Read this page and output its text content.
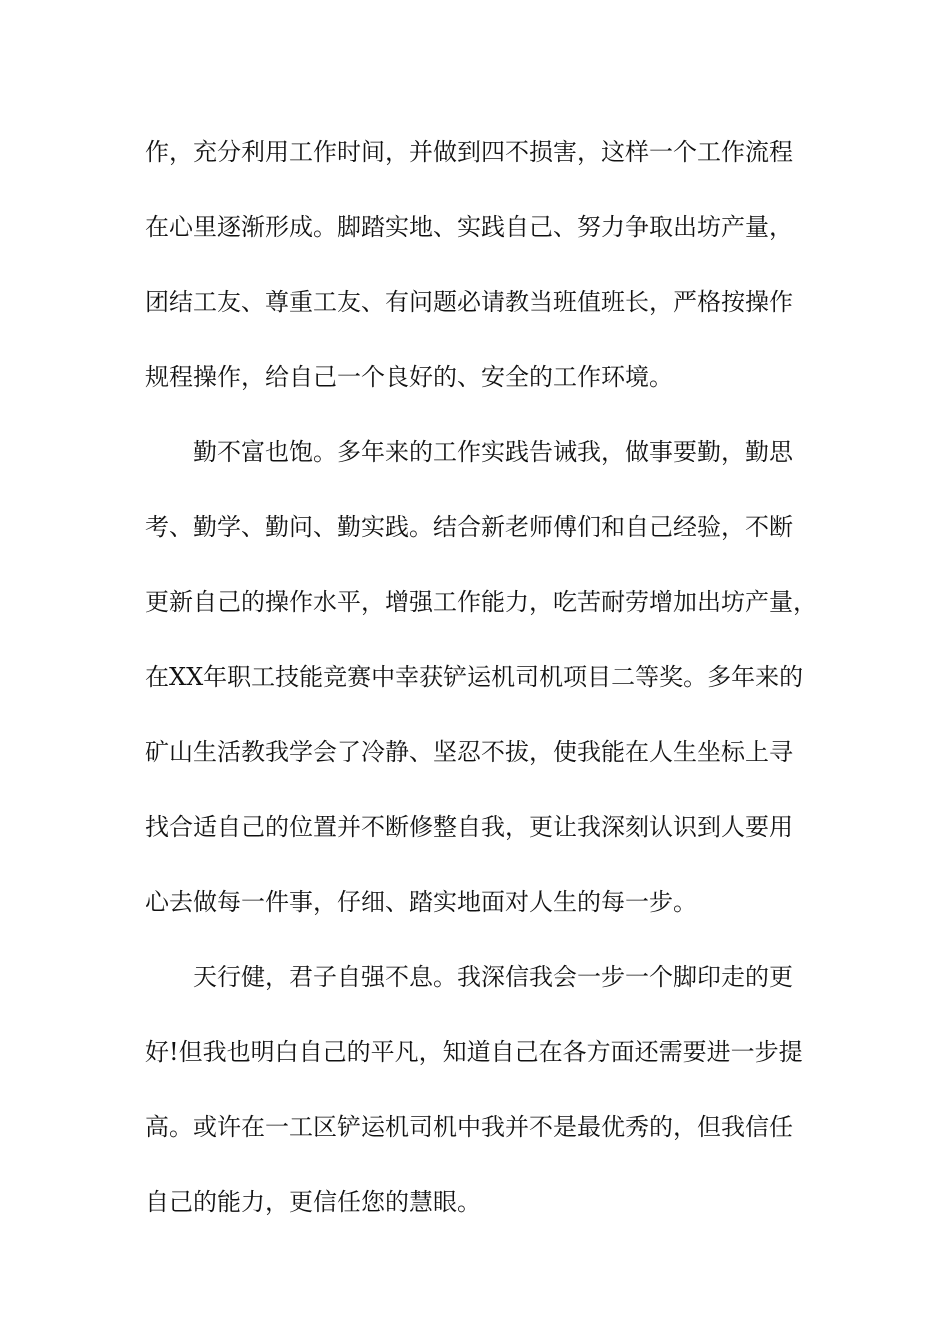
作，充分利用工作时间，并做到四不损害，这样一个工作流程
在心里逐渐形成。脚踏实地、实践自己、努力争取出坊产量，
团结工友、尊重工友、有问题必请教当班值班长，严格按操作
规程操作，给自己一个良好的、安全的工作环境。
勤不富也饱。多年来的工作实践告诫我，做事要勤，勤思
考、勤学、勤问、勤实践。结合新老师傅们和自己经验，不断
更新自己的操作水平，增强工作能力，吃苦耐劳增加出坊产量，
在XX年职工技能竞赛中幸获铲运机司机项目二等奖。多年来的
矿山生活教我学会了冷静、坚忍不拔，使我能在人生坐标上寻
找合适自己的位置并不断修整自我，更让我深刻认识到人要用
心去做每一件事，仔细、踏实地面对人生的每一步。
天行健，君子自强不息。我深信我会一步一个脚印走的更
好!但我也明白自己的平凡，知道自己在各方面还需要进一步提
高。或许在一工区铲运机司机中我并不是最优秀的，但我信任
自己的能力，更信任您的慧眼。
